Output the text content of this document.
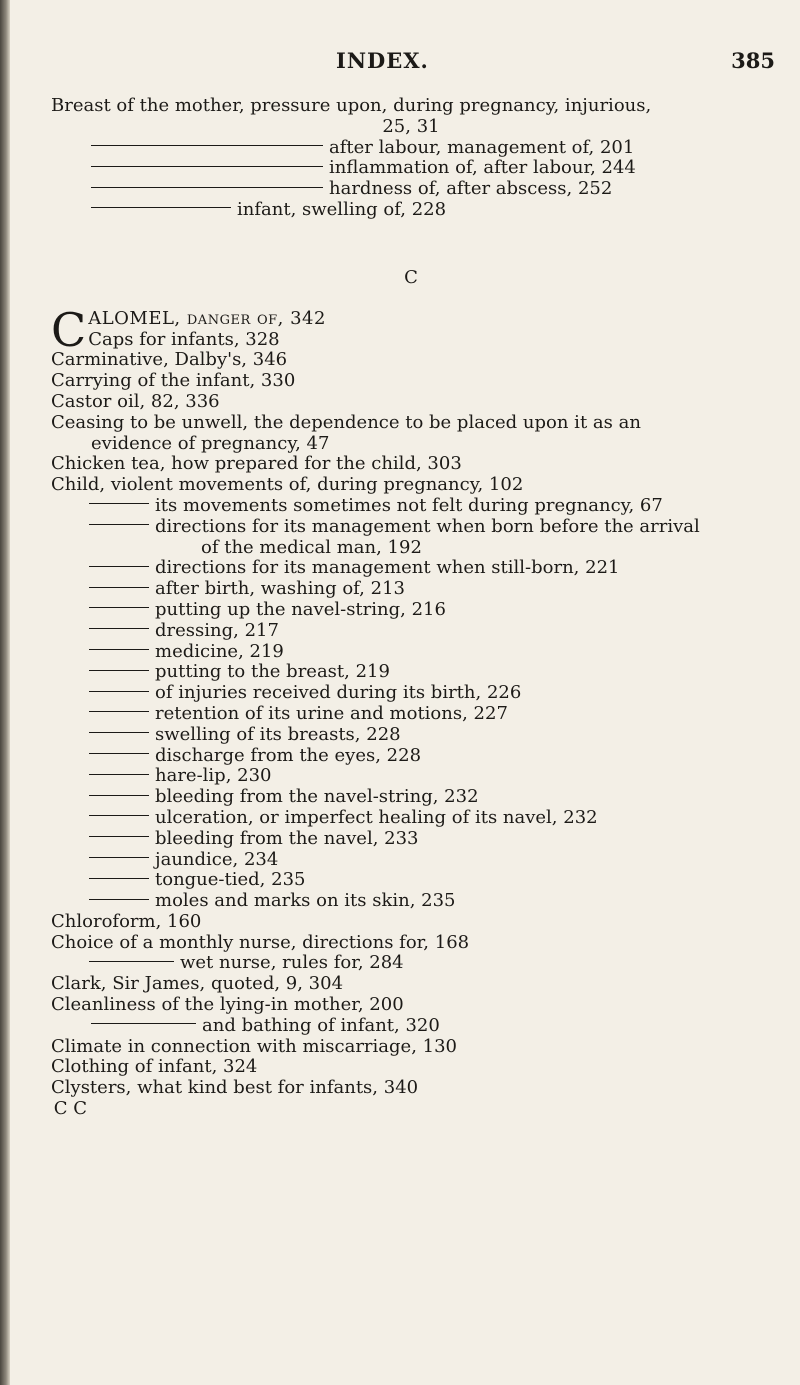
INDEX.	385
Breast of the mother, pressure upon, during pregnancy, injurious,
25, 31
after labour, management of, 201
inflammation of, after labour, 244
hardness of, after abscess, 252
infant, swelling of, 228
C
C ALOMEL, danger of, 342
Caps for infants, 328
Carminative, Dalby's, 346
Carrying of the infant, 330
Castor oil, 82, 336
Ceasing to be unwell, the dependence to be placed upon it as an
evidence of pregnancy, 47
Chicken tea, how prepared for the child, 303
Child, violent movements of, during pregnancy, 102
its movements sometimes not felt during pregnancy, 67
directions for its management when born before the arrival
of the medical man, 192
directions for its management when still-born, 221
after birth, washing of, 213
putting up the navel-string, 216
dressing, 217
medicine, 219
putting to the breast, 219
of injuries received during its birth, 226
retention of its urine and motions, 227
swelling of its breasts, 228
discharge from the eyes, 228
hare-lip, 230
bleeding from the navel-string, 232
ulceration, or imperfect healing of its navel, 232
bleeding from the navel, 233
jaundice, 234
tongue-tied, 235
moles and marks on its skin, 235
Chloroform, 160
Choice of a monthly nurse, directions for, 168
wet nurse, rules for, 284
Clark, Sir James, quoted, 9, 304
Cleanliness of the lying-in mother, 200
and bathing of infant, 320
Climate in connection with miscarriage, 130
Clothing of infant, 324
Clysters, what kind best for infants, 340
C C
